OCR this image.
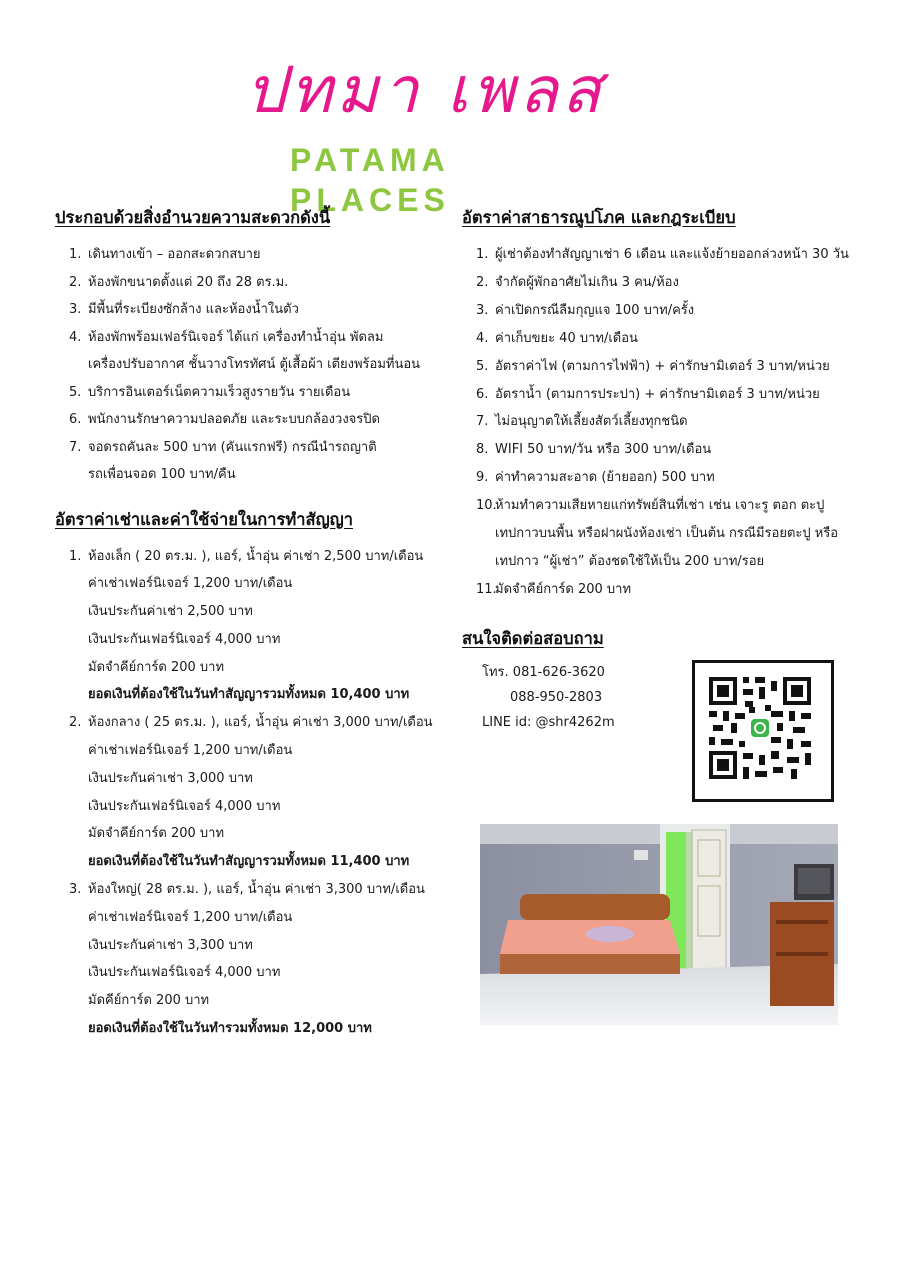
ปทมา เพลส
PATAMA PLACES
ประกอบด้วยสิ่งอำนวยความสะดวกดังนี้
1. เดินทางเข้า – ออกสะดวกสบาย
2. ห้องพักขนาดตั้งแต่ 20 ถึง 28 ตร.ม.
3. มีพื้นที่ระเบียงซักล้าง และห้องน้ำในตัว
4. ห้องพักพร้อมเฟอร์นิเจอร์ ได้แก่ เครื่องทำน้ำอุ่น พัดลม
เครื่องปรับอากาศ ชั้นวางโทรทัศน์ ตู้เสื้อผ้า เตียงพร้อมที่นอน
5. บริการอินเตอร์เน็ตความเร็วสูงรายวัน รายเดือน
6. พนักงานรักษาความปลอดภัย และระบบกล้องวงจรปิด
7. จอดรถคันละ 500 บาท (คันแรกฟรี) กรณีนำรถญาติ
รถเพื่อนจอด 100 บาท/คืน
อัตราค่าเช่าและค่าใช้จ่ายในการทำสัญญา
1. ห้องเล็ก ( 20 ตร.ม. ), แอร์, น้ำอุ่น ค่าเช่า 2,500 บาท/เดือน
ค่าเช่าเฟอร์นิเจอร์ 1,200 บาท/เดือน
เงินประกันค่าเช่า 2,500 บาท
เงินประกันเฟอร์นิเจอร์ 4,000 บาท
มัดจำคีย์การ์ด 200 บาท
ยอดเงินที่ต้องใช้ในวันทำสัญญารวมทั้งหมด 10,400 บาท
2. ห้องกลาง ( 25 ตร.ม. ), แอร์, น้ำอุ่น ค่าเช่า 3,000 บาท/เดือน
ค่าเช่าเฟอร์นิเจอร์ 1,200 บาท/เดือน
เงินประกันค่าเช่า 3,000 บาท
เงินประกันเฟอร์นิเจอร์ 4,000 บาท
มัดจำคีย์การ์ด 200 บาท
ยอดเงินที่ต้องใช้ในวันทำสัญญารวมทั้งหมด 11,400 บาท
3. ห้องใหญ่( 28 ตร.ม. ), แอร์, น้ำอุ่น ค่าเช่า 3,300 บาท/เดือน
ค่าเช่าเฟอร์นิเจอร์ 1,200 บาท/เดือน
เงินประกันค่าเช่า 3,300 บาท
เงินประกันเฟอร์นิเจอร์ 4,000 บาท
มัดคีย์การ์ด 200 บาท
ยอดเงินที่ต้องใช้ในวันทำรวมทั้งหมด 12,000 บาท
อัตราค่าสาธารณูปโภค และกฎระเบียบ
1. ผู้เช่าต้องทำสัญญาเช่า 6 เดือน และแจ้งย้ายออกล่วงหน้า 30 วัน
2. จำกัดผู้พักอาศัยไม่เกิน 3 คน/ห้อง
3. ค่าเปิดกรณีลืมกุญแจ 100 บาท/ครั้ง
4. ค่าเก็บขยะ 40 บาท/เดือน
5. อัตราค่าไฟ (ตามการไฟฟ้า) + ค่ารักษามิเตอร์ 3 บาท/หน่วย
6. อัตราน้ำ (ตามการประปา) + ค่ารักษามิเตอร์ 3 บาท/หน่วย
7. ไม่อนุญาตให้เลี้ยงสัตว์เลี้ยงทุกชนิด
8. WIFI 50 บาท/วัน หรือ 300 บาท/เดือน
9. ค่าทำความสะอาด (ย้ายออก) 500 บาท
10.
ห้ามทำความเสียหายแก่ทรัพย์สินที่เช่า เช่น เจาะรู ตอก ตะปู
เทปกาวบนพื้น หรือฝาผนังห้องเช่า เป็นต้น กรณีมีรอยตะปู หรือ
เทปกาว “ผู้เช่า” ต้องชดใช้ให้เป็น 200 บาท/รอย
11.
มัดจำคีย์การ์ด 200 บาท
สนใจติดต่อสอบถาม
โทร. 081-626-3620
088-950-2803
LINE id: @shr4262m
